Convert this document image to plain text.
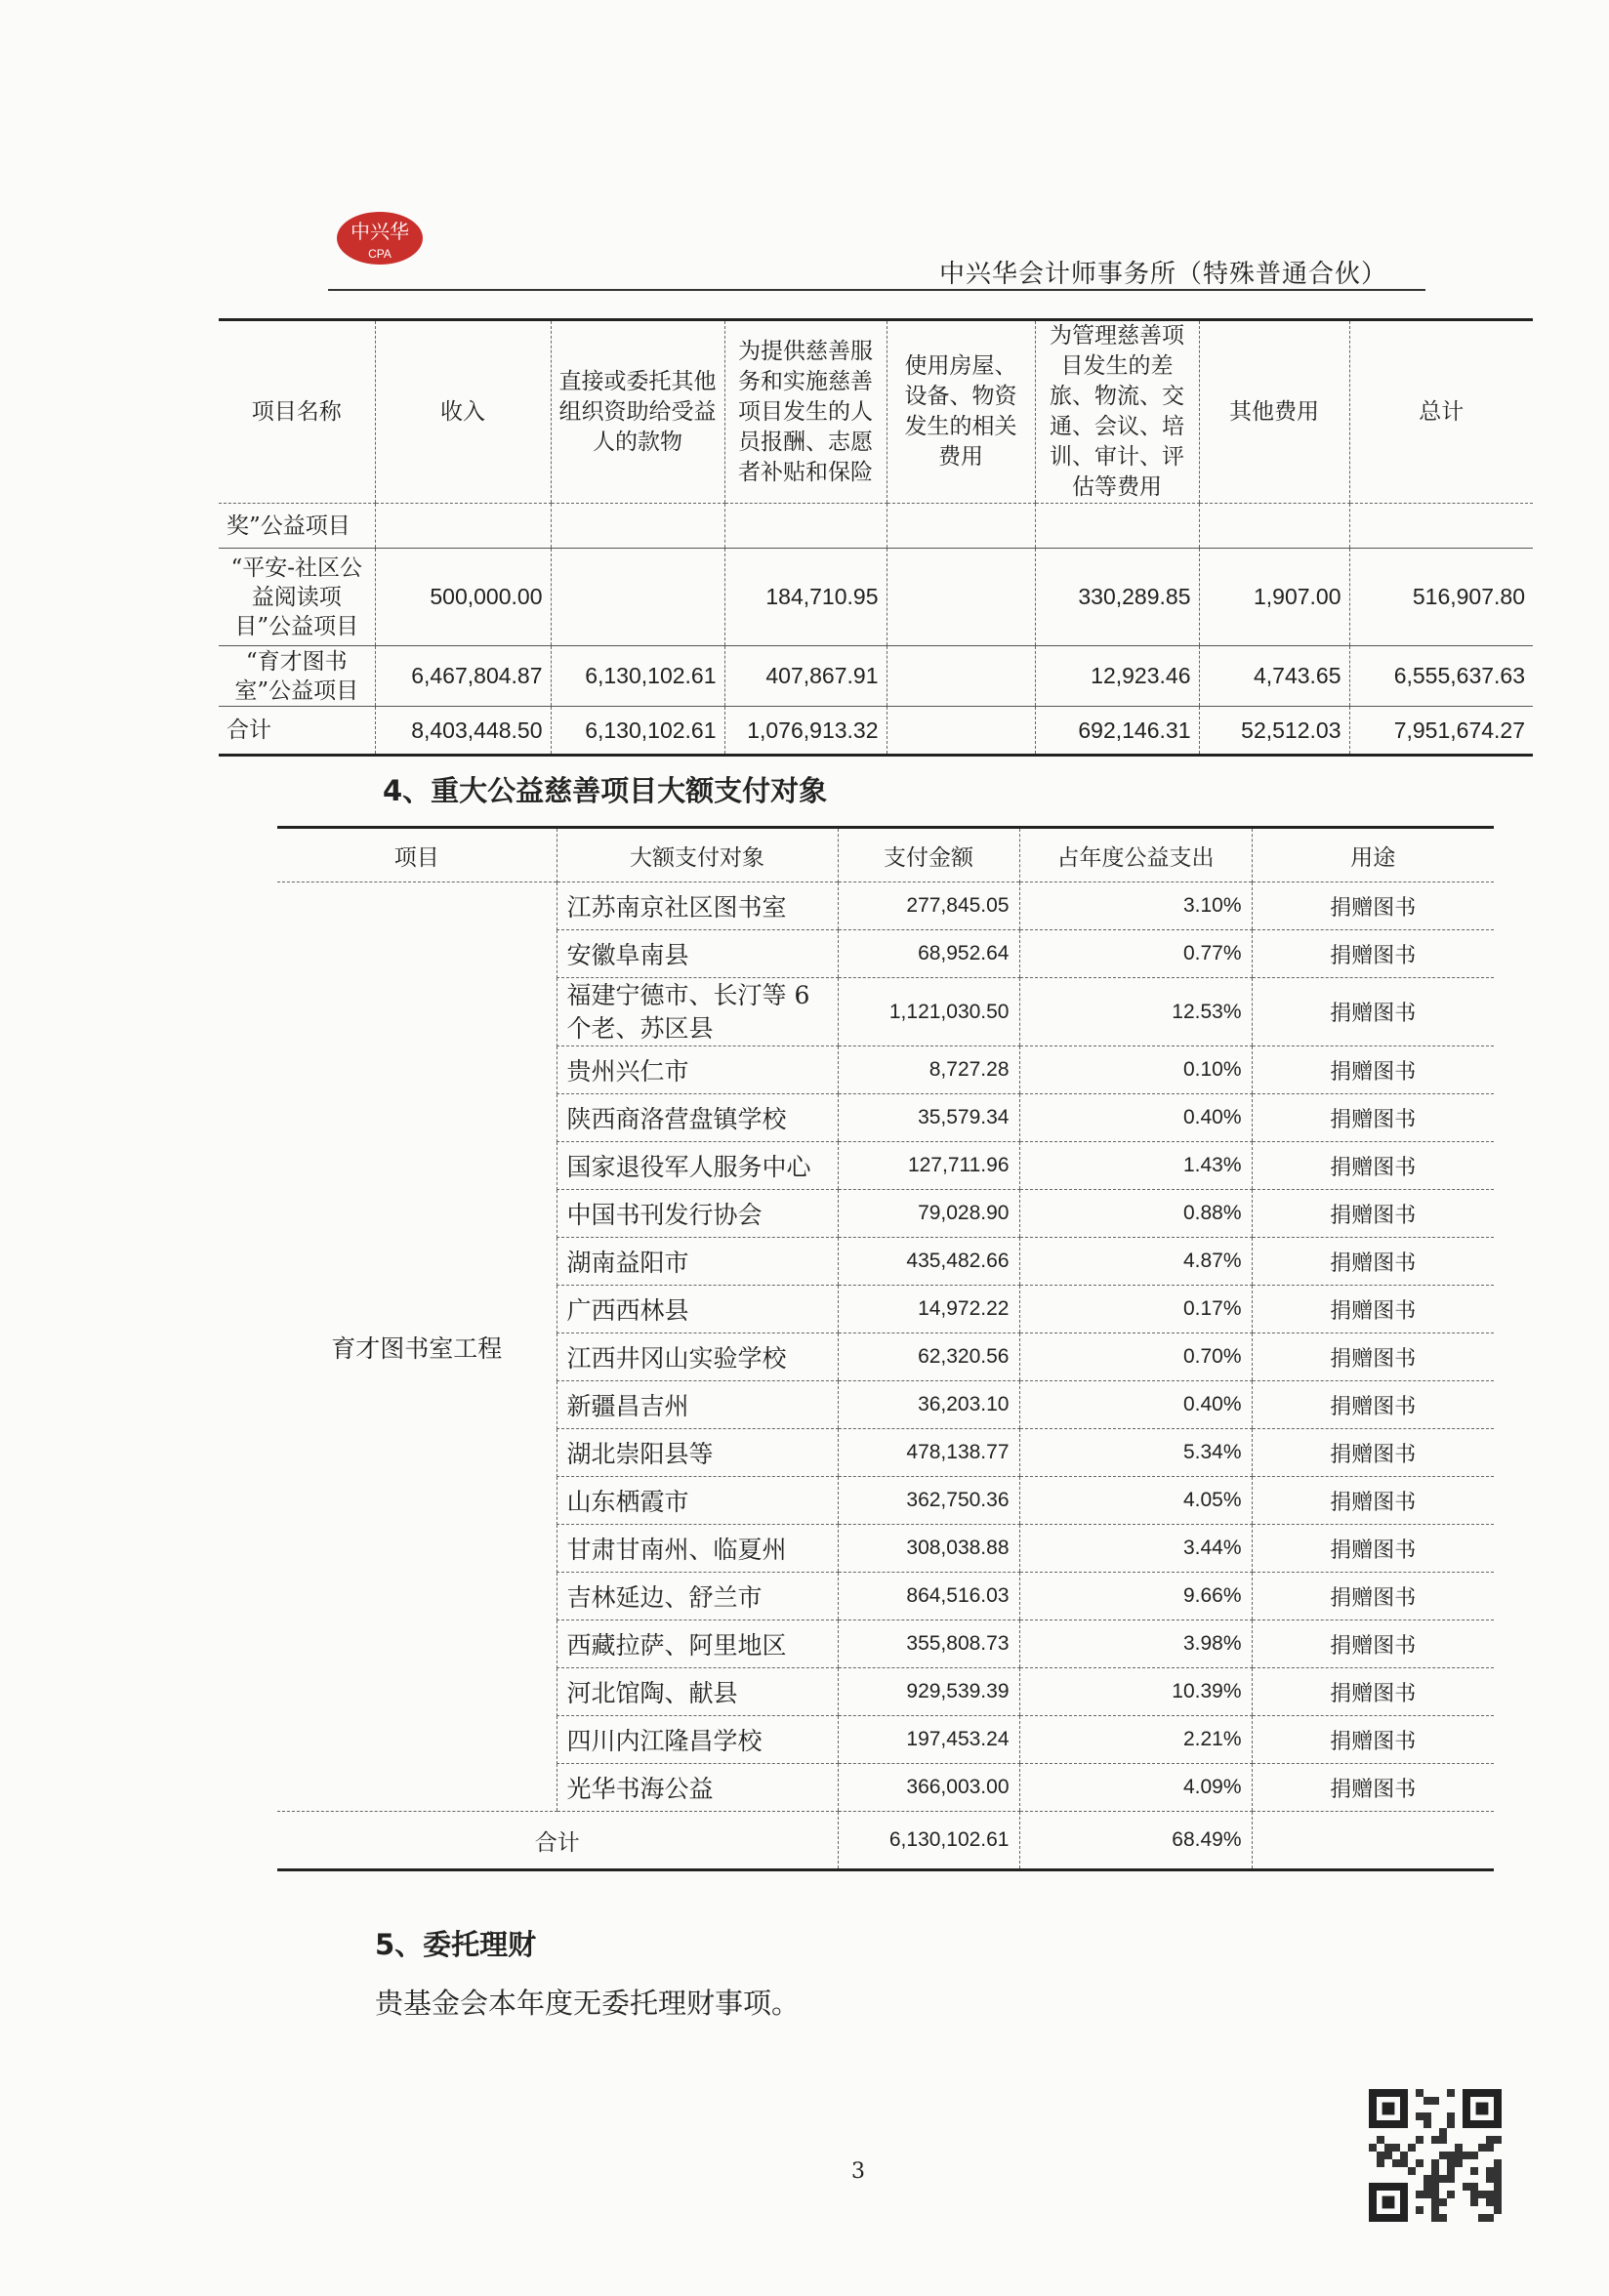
中兴华
CPA
中兴华会计师事务所（特殊普通合伙）
项目名称	收入	直接或委托其他组织资助给受益人的款物	为提供慈善服务和实施慈善项目发生的人员报酬、志愿者补贴和保险	使用房屋、设备、物资发生的相关费用	为管理慈善项目发生的差旅、物流、交通、会议、培训、审计、评估等费用	其他费用	总计
奖”公益项目							
“平安-社区公益阅读项目”公益项目	500,000.00		184,710.95		330,289.85	1,907.00	516,907.80
“育才图书室”公益项目	6,467,804.87	6,130,102.61	407,867.91		12,923.46	4,743.65	6,555,637.63
合计	8,403,448.50	6,130,102.61	1,076,913.32		692,146.31	52,512.03	7,951,674.27
4、重大公益慈善项目大额支付对象
项目	大额支付对象	支付金额	占年度公益支出	用途
育才图书室工程	江苏南京社区图书室	277,845.05	3.10%	捐赠图书
	安徽阜南县	68,952.64	0.77%	捐赠图书
	福建宁德市、长汀等 6 个老、苏区县	1,121,030.50	12.53%	捐赠图书
	贵州兴仁市	8,727.28	0.10%	捐赠图书
	陕西商洛营盘镇学校	35,579.34	0.40%	捐赠图书
	国家退役军人服务中心	127,711.96	1.43%	捐赠图书
	中国书刊发行协会	79,028.90	0.88%	捐赠图书
	湖南益阳市	435,482.66	4.87%	捐赠图书
	广西西林县	14,972.22	0.17%	捐赠图书
	江西井冈山实验学校	62,320.56	0.70%	捐赠图书
	新疆昌吉州	36,203.10	0.40%	捐赠图书
	湖北崇阳县等	478,138.77	5.34%	捐赠图书
	山东栖霞市	362,750.36	4.05%	捐赠图书
	甘肃甘南州、临夏州	308,038.88	3.44%	捐赠图书
	吉林延边、舒兰市	864,516.03	9.66%	捐赠图书
	西藏拉萨、阿里地区	355,808.73	3.98%	捐赠图书
	河北馆陶、献县	929,539.39	10.39%	捐赠图书
	四川内江隆昌学校	197,453.24	2.21%	捐赠图书
	光华书海公益	366,003.00	4.09%	捐赠图书
合计		6,130,102.61	68.49%	
5、委托理财
贵基金会本年度无委托理财事项。
3
